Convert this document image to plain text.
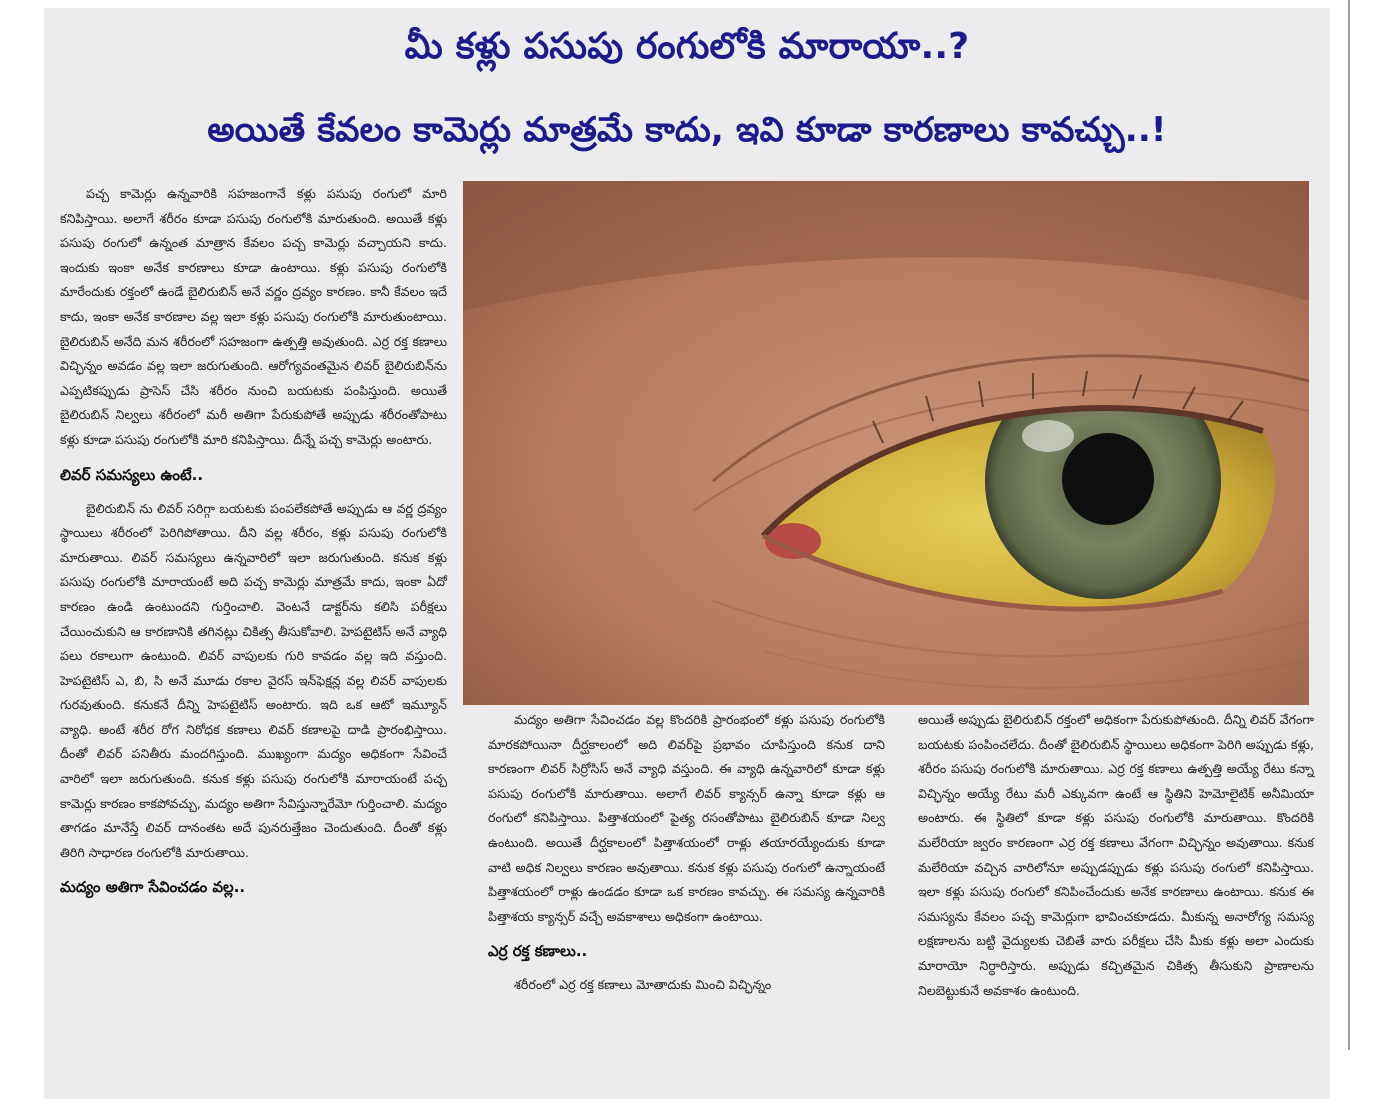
మీ కళ్లు పసుపు రంగులోకి మారాయా..?
అయితే కేవలం కామెర్లు మాత్రమే కాదు, ఇవి కూడా కారణాలు కావచ్చు..!

పచ్చ కామెర్లు ఉన్నవారికి సహజంగానే కళ్లు పసుపు రంగులో మారి కనిపిస్తాయి. అలాగే శరీరం కూడా పసుపు రంగులోకి మారుతుంది. అయితే కళ్లు పసుపు రంగులో ఉన్నంత మాత్రాన కేవలం పచ్చ కామెర్లు వచ్చాయని కాదు. ఇందుకు ఇంకా అనేక కారణాలు కూడా ఉంటాయి. కళ్లు పసుపు రంగులోకి మారేందుకు రక్తంలో ఉండే బైలిరుబిన్ అనే వర్ణం ద్రవ్యం కారణం. కానీ కేవలం ఇదే కాదు, ఇంకా అనేక కారణాల వల్ల ఇలా కళ్లు పసుపు రంగులోకి మారుతుంటాయి. బైలిరుబిన్ అనేది మన శరీరంలో సహజంగా ఉత్పత్తి అవుతుంది. ఎర్ర రక్త కణాలు విచ్ఛిన్నం అవడం వల్ల ఇలా జరుగుతుంది. ఆరోగ్యవంతమైన లివర్ బైలిరుబిన్‌ను ఎప్పటికప్పుడు ప్రాసెస్ చేసి శరీరం నుంచి బయటకు పంపిస్తుంది. అయితే బైలిరుబిన్ నిల్వలు శరీరంలో మరీ అతిగా పేరుకుపోతే అప్పుడు శరీరంతోపాటు కళ్లు కూడా పసుపు రంగులోకి మారి కనిపిస్తాయి. దీన్నే పచ్చ కామెర్లు అంటారు.

లివర్ సమస్యలు ఉంటే..

బైలిరుబిన్ ను లివర్ సరిగ్గా బయటకు పంపలేకపోతే అప్పుడు ఆ వర్ణ ద్రవ్యం స్థాయిలు శరీరంలో పెరిగిపోతాయి. దీని వల్ల శరీరం, కళ్లు పసుపు రంగులోకి మారుతాయి. లివర్ సమస్యలు ఉన్నవారిలో ఇలా జరుగుతుంది. కనుక కళ్లు పసుపు రంగులోకి మారాయంటే అది పచ్చ కామెర్లు మాత్రమే కాదు, ఇంకా ఏదో కారణం ఉండి ఉంటుందని గుర్తించాలి. వెంటనే డాక్టర్‌ను కలిసి పరీక్షలు చేయించుకుని ఆ కారణానికి తగినట్లు చికిత్స తీసుకోవాలి. హెపటైటిస్ అనే వ్యాధి పలు రకాలుగా ఉంటుంది. లివర్ వాపులకు గురి కావడం వల్ల ఇది వస్తుంది. హెపటైటిస్ ఎ, బి, సి అనే మూడు రకాల వైరస్ ఇన్‌ఫెక్షన్ల వల్ల లివర్ వాపులకు గురవుతుంది. కనుకనే దీన్ని హెపటైటిస్ అంటారు. ఇది ఒక ఆటో ఇమ్యూన్ వ్యాధి. అంటే శరీర రోగ నిరోధక కణాలు లివర్ కణాలపై దాడి ప్రారంభిస్తాయి. దీంతో లివర్ పనితీరు మందగిస్తుంది. ముఖ్యంగా మద్యం అధికంగా సేవించే వారిలో ఇలా జరుగుతుంది. కనుక కళ్లు పసుపు రంగులోకి మారాయంటే పచ్చ కామెర్లు కారణం కాకపోవచ్చు, మద్యం అతిగా సేవిస్తున్నారేమో గుర్తించాలి. మద్యం తాగడం మానేస్తే లివర్ దానంతట అదే పునరుత్తేజం చెందుతుంది. దీంతో కళ్లు తిరిగి సాధారణ రంగులోకి మారుతాయి.

మద్యం అతిగా సేవించడం వల్ల..

మద్యం అతిగా సేవించడం వల్ల కొందరికి ప్రారంభంలో కళ్లు పసుపు రంగులోకి మారకపోయినా దీర్ఘకాలంలో అది లివర్‌పై ప్రభావం చూపిస్తుంది కనుక దాని కారణంగా లివర్ సిర్రోసిస్ అనే వ్యాధి వస్తుంది. ఈ వ్యాధి ఉన్నవారిలో కూడా కళ్లు పసుపు రంగులోకి మారుతాయి. అలాగే లివర్ క్యాన్సర్ ఉన్నా కూడా కళ్లు ఆ రంగులో కనిపిస్తాయి. పిత్తాశయంలో పైత్య రసంతోపాటు బైలిరుబిన్ కూడా నిల్వ ఉంటుంది. అయితే దీర్ఘకాలంలో పిత్తాశయంలో రాళ్లు తయారయ్యేందుకు కూడా వాటి అధిక నిల్వలు కారణం అవుతాయి. కనుక కళ్లు పసుపు రంగులో ఉన్నాయంటే పిత్తాశయంలో రాళ్లు ఉండడం కూడా ఒక కారణం కావచ్చు. ఈ సమస్య ఉన్నవారికి పిత్తాశయ క్యాన్సర్ వచ్చే అవకాశాలు అధికంగా ఉంటాయి.

ఎర్ర రక్త కణాలు..

శరీరంలో ఎర్ర రక్త కణాలు మోతాదుకు మించి విచ్ఛిన్నం

అయితే అప్పుడు బైలిరుబిన్ రక్తంలో అధికంగా పేరుకుపోతుంది. దీన్ని లివర్ వేగంగా బయటకు పంపించలేదు. దీంతో బైలిరుబిన్ స్థాయిలు అధికంగా పెరిగి అప్పుడు కళ్లు, శరీరం పసుపు రంగులోకి మారుతాయి. ఎర్ర రక్త కణాలు ఉత్పత్తి అయ్యే రేటు కన్నా విచ్ఛిన్నం అయ్యే రేటు మరీ ఎక్కువగా ఉంటే ఆ స్థితిని హెమోలైటిక్ అనీమియా అంటారు. ఈ స్థితిలో కూడా కళ్లు పసుపు రంగులోకి మారుతాయి. కొందరికి మలేరియా జ్వరం కారణంగా ఎర్ర రక్త కణాలు వేగంగా విచ్ఛిన్నం అవుతాయి. కనుక మలేరియా వచ్చిన వారిలోనూ అప్పుడప్పుడు కళ్లు పసుపు రంగులో కనిపిస్తాయి. ఇలా కళ్లు పసుపు రంగులో కనిపించేందుకు అనేక కారణాలు ఉంటాయి. కనుక ఈ సమస్యను కేవలం పచ్చ కామెర్లుగా భావించకూడదు. మీకున్న అనారోగ్య సమస్య లక్షణాలను బట్టి వైద్యులకు చెబితే వారు పరీక్షలు చేసి మీకు కళ్లు అలా ఎందుకు మారాయో నిర్ధారిస్తారు. అప్పుడు కచ్చితమైన చికిత్స తీసుకుని ప్రాణాలను నిలబెట్టుకునే అవకాశం ఉంటుంది.
